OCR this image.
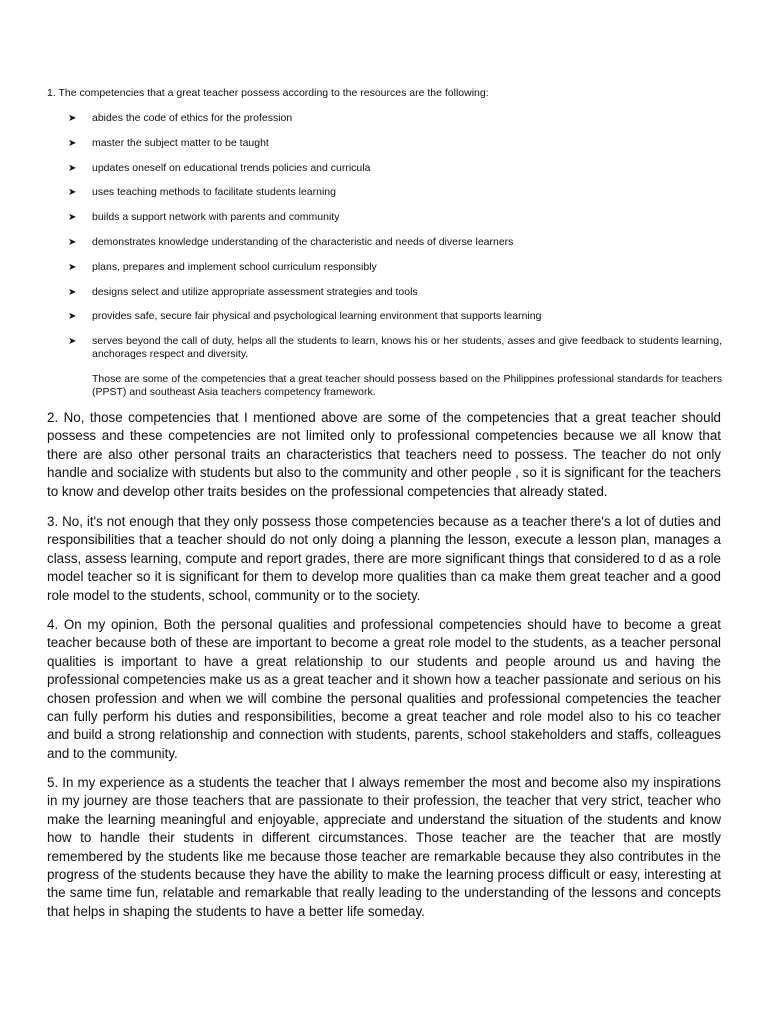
1. The competencies that a great teacher possess according to the resources are the following:

➤ abides the code of ethics for the profession
➤ master the subject matter to be taught
➤ updates oneself on educational trends policies and curricula
➤ uses teaching methods to facilitate students learning
➤ builds a support network with parents and community
➤ demonstrates knowledge understanding of the characteristic and needs of diverse learners
➤ plans, prepares and implement school curriculum responsibly
➤ designs select and utilize appropriate assessment strategies and tools
➤ provides safe, secure fair physical and psychological learning environment that supports learning
➤ serves beyond the call of duty, helps all the students to learn, knows his or her students, asses and give feedback to students learning, anchorages respect and diversity.

Those are some of the competencies that a great teacher should possess based on the Philippines professional standards for teachers (PPST) and southeast Asia teachers competency framework.

2. No, those competencies that I mentioned above are some of the competencies that a great teacher should possess and these competencies are not limited only to professional competencies because we all know that there are also other personal traits an characteristics that teachers need to possess. The teacher do not only handle and socialize with students but also to the community and other people , so it is significant for the teachers to know and develop other traits besides on the professional competencies that already stated.

3. No, it's not enough that they only possess those competencies because as a teacher there's a lot of duties and responsibilities that a teacher should do not only doing a planning the lesson, execute a lesson plan, manages a class, assess learning, compute and report grades, there are more significant things that considered to d as a role model teacher so it is significant for them to develop more qualities than ca make them great teacher and a good role model to the students, school, community or to the society.

4. On my opinion, Both the personal qualities and professional competencies should have to become a great teacher because both of these are important to become a great role model to the students, as a teacher personal qualities is important to have a great relationship to our students and people around us and having the professional competencies make us as a great teacher and it shown how a teacher passionate and serious on his chosen profession and when we will combine the personal qualities and professional competencies the teacher can fully perform his duties and responsibilities, become a great teacher and role model also to his co teacher and build a strong relationship and connection with students, parents, school stakeholders and staffs, colleagues and to the community.

5. In my experience as a students the teacher that I always remember the most and become also my inspirations in my journey are those teachers that are passionate to their profession, the teacher that very strict, teacher who make the learning meaningful and enjoyable, appreciate and understand the situation of the students and know how to handle their students in different circumstances. Those teacher are the teacher that are mostly remembered by the students like me because those teacher are remarkable because they also contributes in the progress of the students because they have the ability to make the learning process difficult or easy, interesting at the same time fun, relatable and remarkable that really leading to the understanding of the lessons and concepts that helps in shaping the students to have a better life someday.
